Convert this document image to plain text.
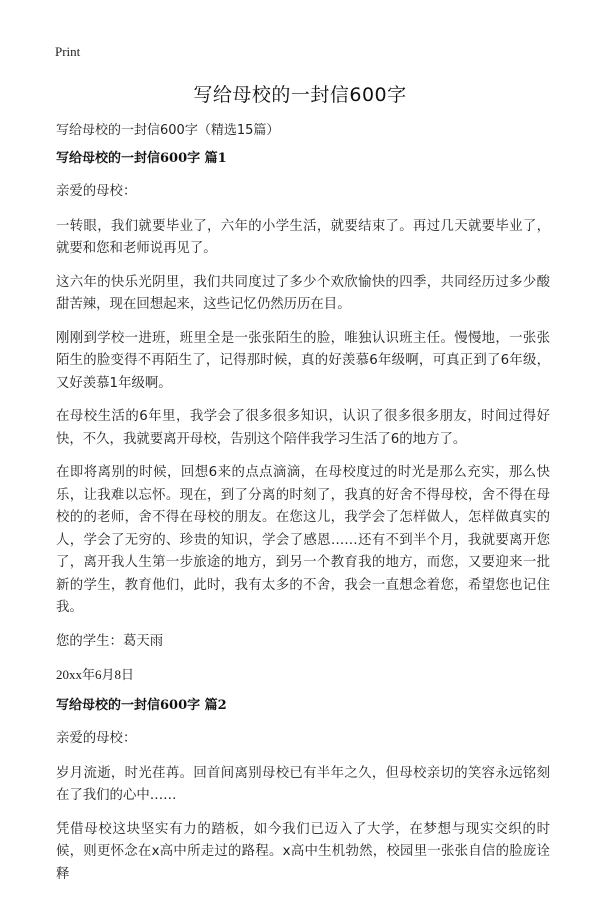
Print
写给母校的一封信600字
写给母校的一封信600字（精选15篇）
写给母校的一封信600字 篇1

亲爱的母校：

一转眼，我们就要毕业了，六年的小学生活，就要结束了。再过几天就要毕业了，就要和您和老师说再见了。

这六年的快乐光阴里，我们共同度过了多少个欢欣愉快的四季，共同经历过多少酸甜苦辣，现在回想起来，这些记忆仍然历历在目。

刚刚到学校一进班，班里全是一张张陌生的脸，唯独认识班主任。慢慢地，一张张陌生的脸变得不再陌生了，记得那时候，真的好羡慕6年级啊，可真正到了6年级，又好羡慕1年级啊。

在母校生活的6年里，我学会了很多很多知识，认识了很多很多朋友，时间过得好快，不久，我就要离开母校，告别这个陪伴我学习生活了6的地方了。

在即将离别的时候，回想6来的点点滴滴，在母校度过的时光是那么充实，那么快乐，让我难以忘怀。现在，到了分离的时刻了，我真的好舍不得母校，舍不得在母校的的老师，舍不得在母校的朋友。在您这儿，我学会了怎样做人，怎样做真实的人，学会了无穷的、珍贵的知识，学会了感恩……还有不到半个月，我就要离开您了，离开我人生第一步旅途的地方，到另一个教育我的地方，而您，又要迎来一批新的学生，教育他们，此时，我有太多的不舍，我会一直想念着您，希望您也记住我。

您的学生：葛天雨

20xx年6月8日

写给母校的一封信600字 篇2

亲爱的母校：

岁月流逝，时光荏苒。回首间离别母校已有半年之久，但母校亲切的笑容永远铭刻在了我们的心中……

凭借母校这块坚实有力的踏板，如今我们已迈入了大学，在梦想与现实交织的时候，则更怀念在x高中所走过的路程。x高中生机勃然，校园里一张张自信的脸庞诠释
